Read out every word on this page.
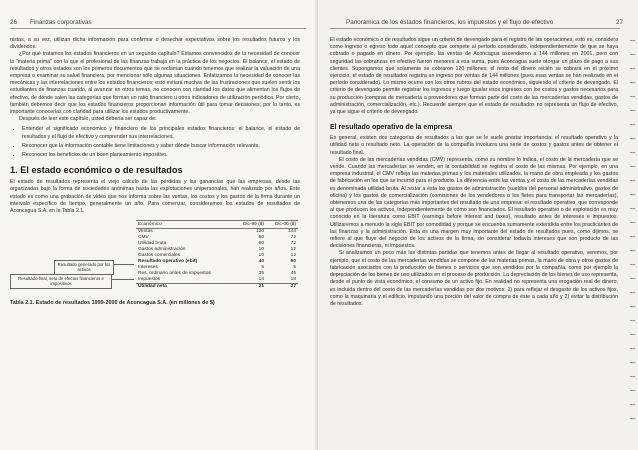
26 Finanzas corporativas

nistas, a su vez, utilizan dicha información para confirmar o desechar expectativas sobre los resultados futuros y los dividendos.

¿Por qué tratamos los estados financieros en un segundo capítulo? Estamos convencidos de la necesidad de conocer la "materia prima" con la que el profesional de las finanzas trabaja en la práctica de los negocios. El balance, el estado de resultados y otros estados son los primeros documentos que se reclaman cuando tenemos que realizar la valuación de una empresa o examinar su salud financiera, por mencionar sólo algunas situaciones. Enfatizamos la necesidad de conocer las mecánicas y las interrelaciones entre los estados financieros; esto evitará muchas de las frustraciones que suelen sentir los estudiantes de finanzas cuando, al avanzar en otros temas, no conocen con claridad los datos que alimentan los flujos de efectivo, de dónde salen las categorías que forman un ratio financiero u otros indicadores de utilización periódica. Por cierto, también debemos decir que los estados financieros proporcionan información útil para tomar decisiones; por lo tanto, es importante conocerlas con claridad para utilizar los estados productivamente.

Después de leer este capítulo, usted debería ser capaz de:

• Entender el significado económico y financiero de los principales estados financieros: el balance, el estado de resultados y el flujo de efectivo y comprender sus interrelaciones.
• Reconocer que la información contable tiene limitaciones y saber dónde buscar información relevante.
• Reconocer los beneficios de un buen planeamiento impositivo.
1. El estado económico o de resultados

El estado de resultados representa el viejo cálculo de las pérdidas y las ganancias que las empresas, desde las organizadas bajo la forma de sociedades anónimas hasta las explotaciones unipersonales, han realizado por años. Este estado es como una grabación de video que nos informa sobre las ventas, los costos y los gastos de la firma durante un intervalo específico de tiempo, generalmente un año. Para comenzar, consideremos los estados de resultados de Aconcagua S.A. en la Tabla 2.1.

Económico	Dic-99 ($)	Dic-00 ($)
Ventas	120	144
CMV	60	72
Utilidad bruta	60	72
Gastos administración	10	12
Gastos comerciales	10	12
Resultado operativo (ebit)	40	50
Intereses	5	5
Res. ordinario antes de impuestos	35	45
Impuestos	14	18
Utilidad neta	21	27
Resultado generado por los activos
Resultado final, neto de efectos financieros e impositivos
Tabla 2.1. Estado de resultados 1999-2000 de Aconcagua S.A. (en millones de $)
Panorámica de los estados financieros, los impuestos y el flujo de efectivo	27

El estado económico o de resultados sigue un criterio de devengado para el registro de las operaciones, esto es, considera como ingreso o egreso todo aquel concepto que compete al período considerado, independientemente de que se haya cobrado o pagado en dinero. Por ejemplo, las ventas de Aconcagua ascendieron a 144 millones en 2001, pero con seguridad las cobranzas en efectivo fueron menores a esa suma, pues Aconcagua suele otorgar un plazo de pago a sus clientes. Supongamos que solamente se cobraron 120 millones; el resto del dinero recién se cobrará en el próximo ejercicio, el estado de resultados registra un ingreso por ventas de 144 millones (pues esas ventas se han realizado en el período considerado). Lo mismo ocurre con los otros rubros del estado económico, siguiendo el criterio de devengado. El criterio de devengado permite registrar los ingresos y luego igualar esos ingresos con los costos y gastos necesarios para su producción (compras de mercadería a proveedores que forman parte del costo de las mercaderías vendidas, gastos de administración, comercialización, etc.). Recuerde siempre que el estado de resultados no representa un flujo de efectivo, ya que sigue el criterio de devengado.

El resultado operativo de la empresa

En general, existen dos categorías de resultados a las que se le suele prestar importancia: el resultado operativo y la utilidad neta o resultado neto. La operación de la compañía involucra una serie de costos y gastos antes de obtener el resultado final.

El costo de las mercaderías vendidas (CMV) representa, como su nombre lo indica, el costo de la mercadería que se vende. Cuando las mercaderías se venden, en la contabilidad se registra el costo de las mismas. Por ejemplo, en una empresa industrial, el CMV refleja las materias primas y los materiales utilizados, la mano de obra empleada y los gastos de fabricación en los que se incurrió para el producto. La diferencia entre las ventas y el costo de las mercaderías vendidas es denominada utilidad bruta. Al restar a ésta los gastos de administración (sueldos del personal administrativo, gastos de oficina) y los gastos de comercialización (comisiones de los vendedores o los fletes para transportar las mercaderías), obtenemos una de las categorías más importantes del resultado de una empresa: el resultado operativo, que corresponde al que producen los activos, independientemente de cómo son financiados. El resultado operativo o de explotación es muy conocido en la literatura como EBIT (earnings before interest and taxes), resultado antes de intereses e impuestos. Utilizaremos a menudo la sigla EBIT por comodidad y porque se encuentra sumamente extendida entre los practicantes de las finanzas y la administración. Esta es una margen muy importante del estado de resultados pues, como dijimos, se refiere al que fluye del negocio de los activos de la firma, sin considerar todavía intereses que son producto de las decisiones financieras, ni impuestos.

Si analizamos un poco más las distintas partidas que tenemos antes de llegar al resultado operativo, veremos, por ejemplo, que el costo de las mercaderías vendidas se compone de las materias primas, la mano de obra y otros gastos de fabricación asociados con la producción de bienes o servicios que son vendidos por la compañía, como por ejemplo la depreciación de los bienes de uso utilizados en el proceso de producción. La depreciación de los bienes de uso representa, desde el punto de vista económico, el consumo de un activo fijo. En realidad no representa una erogación real de dinero, es incluida dentro del costo de las mercaderías vendidas por dos motivos: 1) para reflejar el desgaste de los activos fijos, como la maquinaria y el edificio, imputando una porción del valor de compra de éste a cada año y 2) evitar la distribución de resultados.
